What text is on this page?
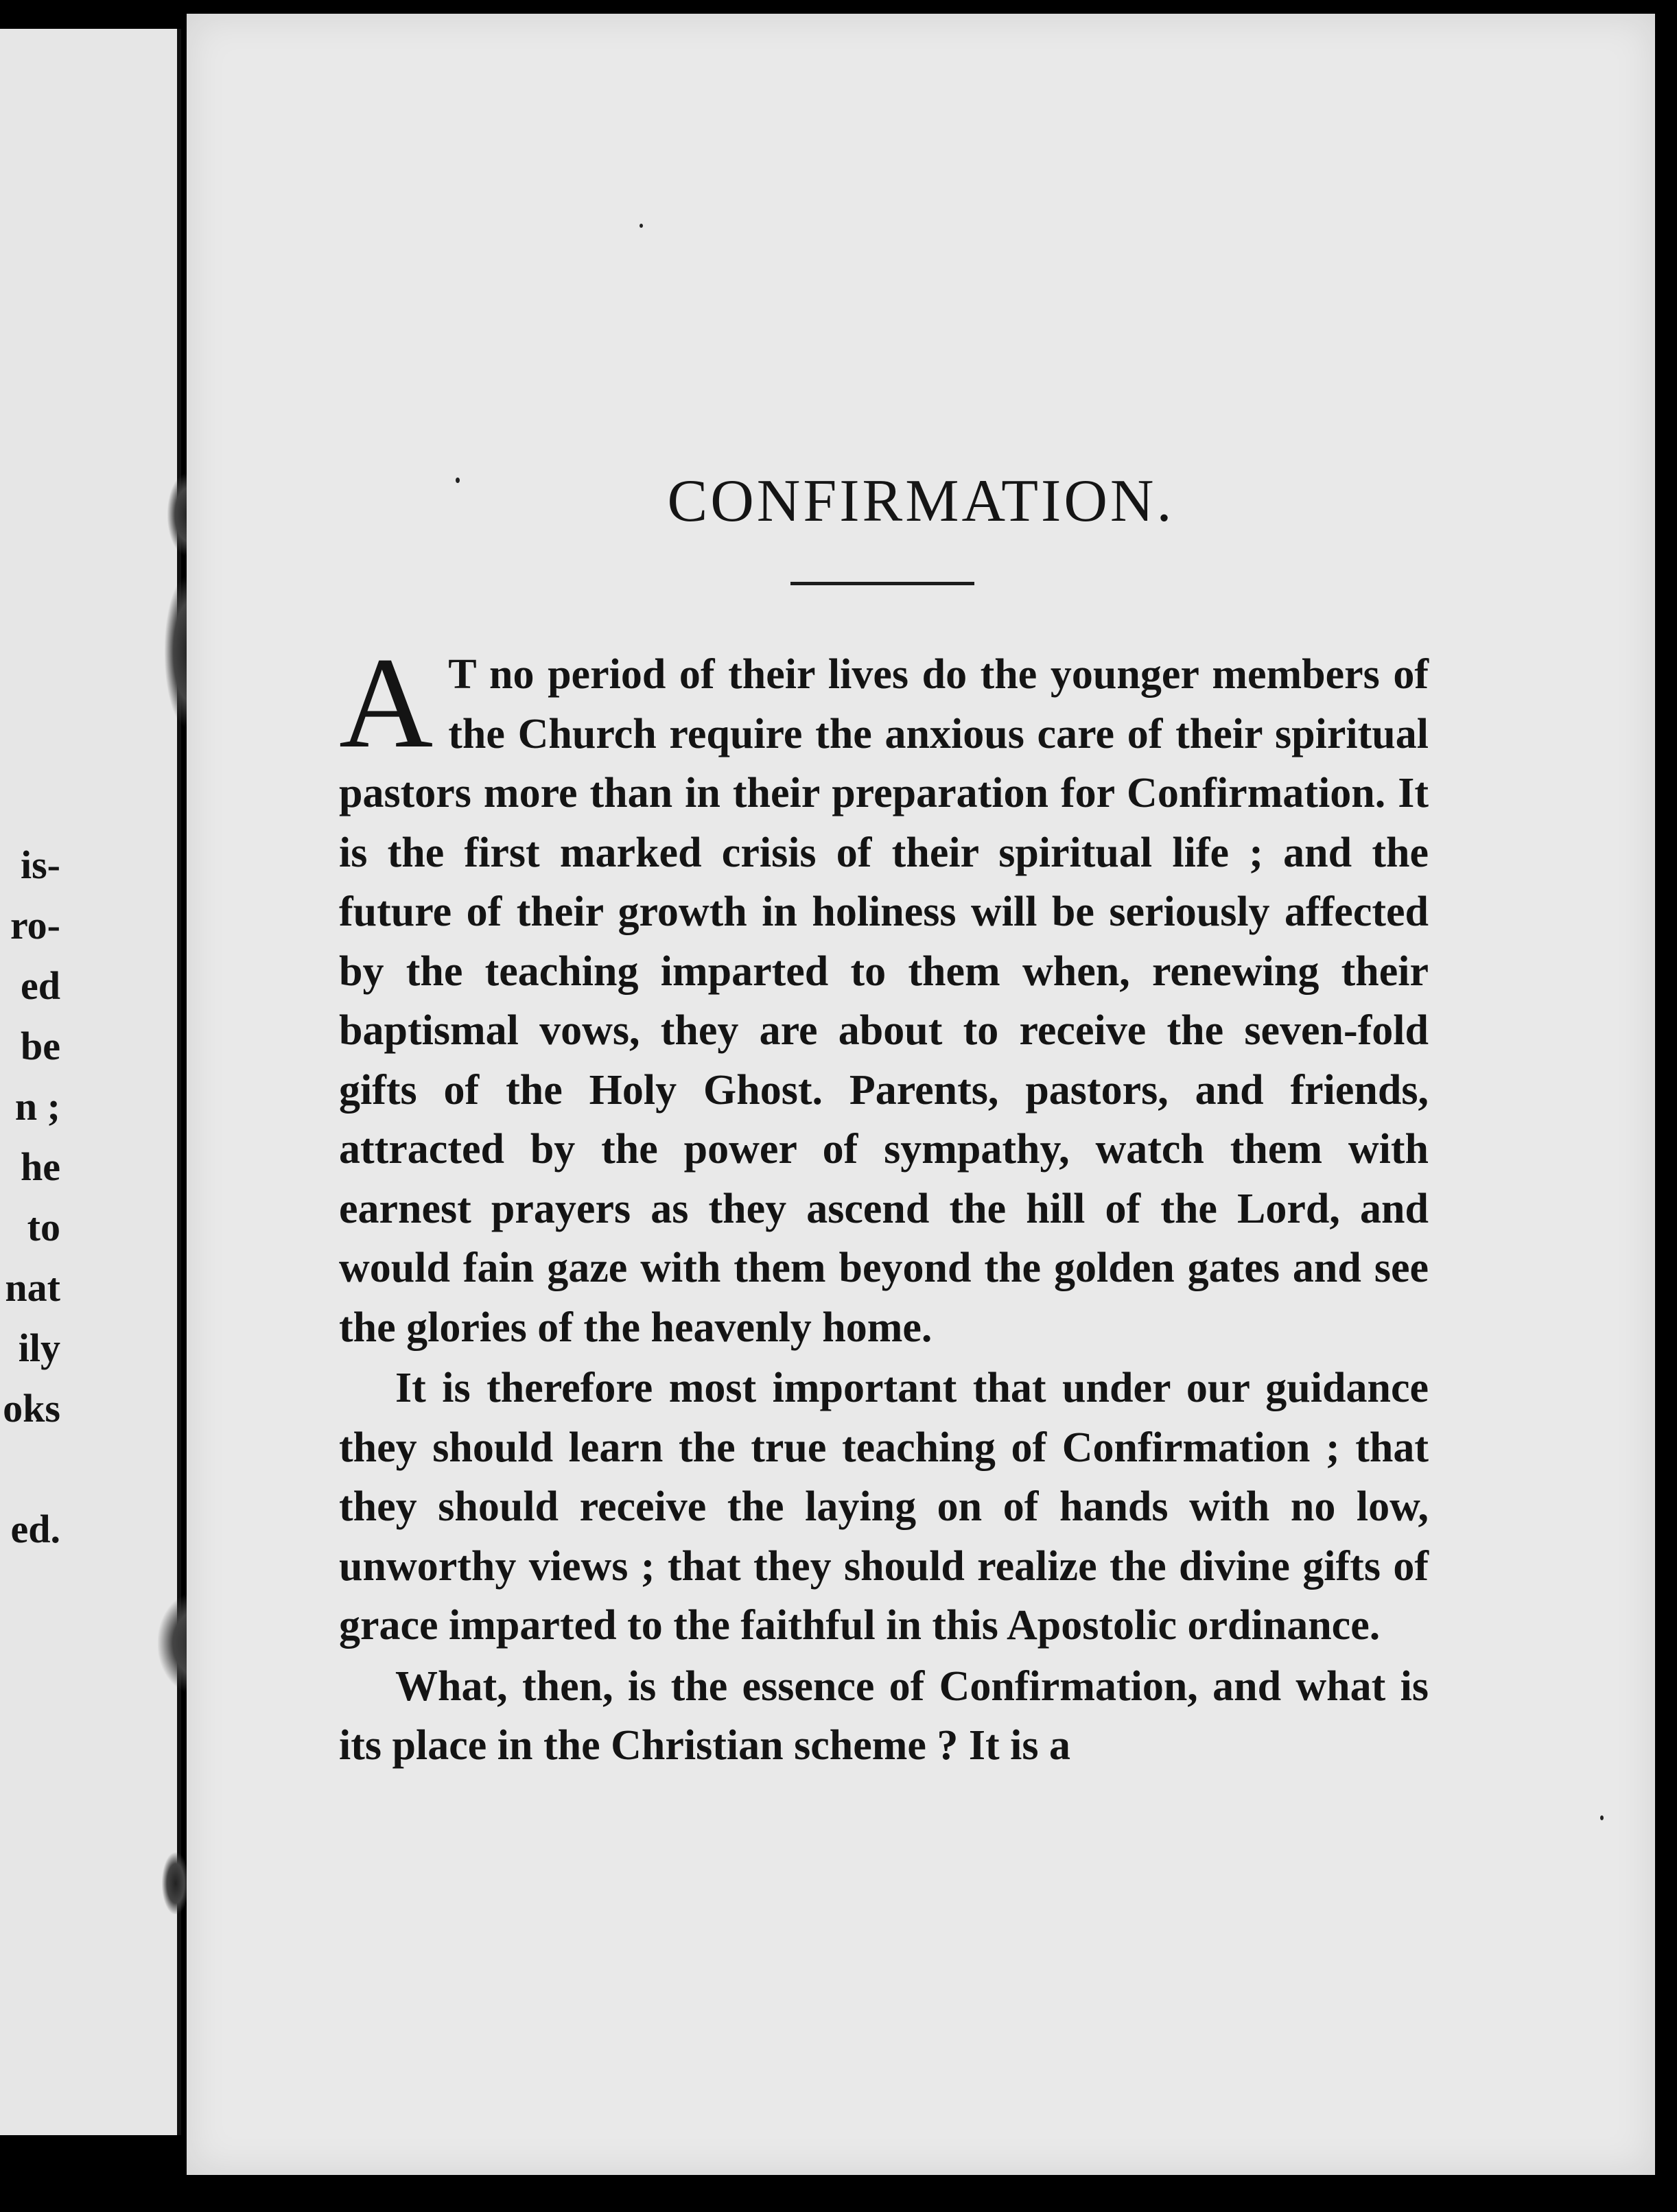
is-
ro-
ed
be
n ;
he
to
nat
ily
oks
ed.
CONFIRMATION.

A T no period of their lives do the younger members of the Church require the anxious care of their spiritual pastors more than in their preparation for Confirmation. It is the first marked crisis of their spiritual life ; and the future of their growth in holiness will be seriously affected by the teaching imparted to them when, renewing their baptismal vows, they are about to receive the seven-fold gifts of the Holy Ghost. Parents, pastors, and friends, attracted by the power of sympathy, watch them with earnest prayers as they ascend the hill of the Lord, and would fain gaze with them beyond the golden gates and see the glories of the heavenly home.

It is therefore most important that under our guidance they should learn the true teaching of Confirmation ; that they should receive the laying on of hands with no low, unworthy views ; that they should realize the divine gifts of grace imparted to the faithful in this Apostolic ordinance.

What, then, is the essence of Confirmation, and what is its place in the Christian scheme ? It is a
